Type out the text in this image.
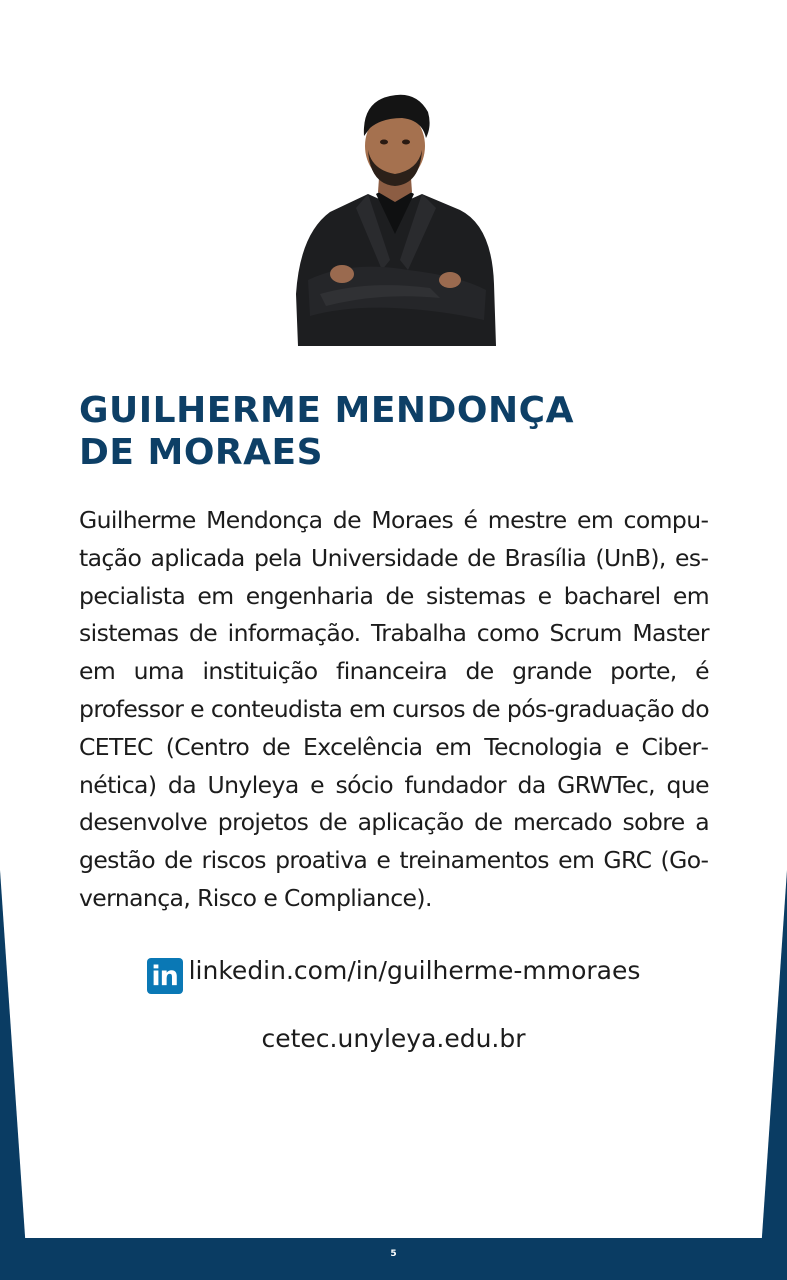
GUILHERME MENDONÇA
DE MORAES

Guilherme Mendonça de Moraes é mestre em computação aplicada pela Universidade de Brasília (UnB), especialista em engenharia de sistemas e bacharel em sistemas de informação. Trabalha como Scrum Master em uma instituição financeira de grande porte, é professor e conteudista em cursos de pós-graduação do CETEC (Centro de Excelência em Tecnologia e Cibernética) da Unyleya e sócio fundador da GRWTec, que desenvolve projetos de aplicação de mercado sobre a gestão de riscos proativa e treinamentos em GRC (Governança, Risco e Compliance).

in linkedin.com/in/guilherme-mmoraes
cetec.unyleya.edu.br
5
